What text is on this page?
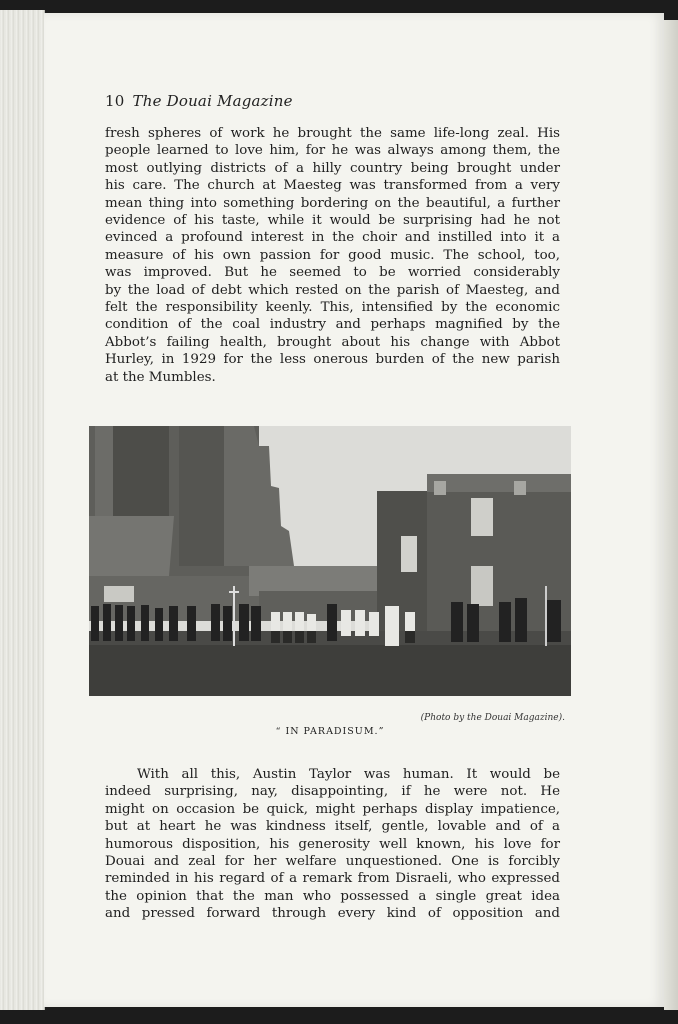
10 The Douai Magazine
fresh spheres of work he brought the same life-long zeal. His
people learned to love him, for he was always among them, the
most outlying districts of a hilly country being brought under
his care. The church at Maesteg was transformed from a very
mean thing into something bordering on the beautiful, a further
evidence of his taste, while it would be surprising had he not
evinced a profound interest in the choir and instilled into it a
measure of his own passion for good music. The school, too,
was improved. But he seemed to be worried considerably
by the load of debt which rested on the parish of Maesteg, and
felt the responsibility keenly. This, intensified by the economic
condition of the coal industry and perhaps magnified by the
Abbot’s failing health, brought about his change with Abbot
Hurley, in 1929 for the less onerous burden of the new parish
at the Mumbles.
(Photo by the Douai Magazine).
“ IN PARADISUM.”
With all this, Austin Taylor was human. It would be
indeed surprising, nay, disappointing, if he were not. He
might on occasion be quick, might perhaps display impatience,
but at heart he was kindness itself, gentle, lovable and of a
humorous disposition, his generosity well known, his love for
Douai and zeal for her welfare unquestioned. One is forcibly
reminded in his regard of a remark from Disraeli, who expressed
the opinion that the man who possessed a single great idea
and pressed forward through every kind of opposition and
